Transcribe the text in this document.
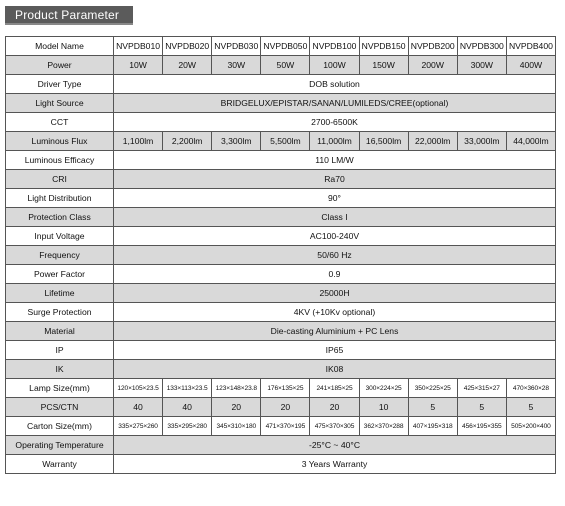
Product Parameter
Model Name	NVPDB010	NVPDB020	NVPDB030	NVPDB050	NVPDB100	NVPDB150	NVPDB200	NVPDB300	NVPDB400
Power	10W	20W	30W	50W	100W	150W	200W	300W	400W
Driver Type	DOB solution								
Light Source	BRIDGELUX/EPISTAR/SANAN/LUMILEDS/CREE(optional)								
CCT	2700-6500K								
Luminous Flux	1,100lm	2,200lm	3,300lm	5,500lm	11,000lm	16,500lm	22,000lm	33,000lm	44,000lm
Luminous Efficacy	110 LM/W								
CRI	Ra70								
Light Distribution	90°								
Protection Class	Class I								
Input Voltage	AC100-240V								
Frequency	50/60 Hz								
Power Factor	0.9								
Lifetime	25000H								
Surge Protection	4KV (+10Kv optional)								
Material	Die-casting Aluminium + PC Lens								
IP	IP65								
IK	IK08								
Lamp Size(mm)	120×105×23.5	133×113×23.5	123×148×23.8	176×135×25	241×185×25	300×224×25	350×225×25	425×315×27	470×360×28
PCS/CTN	40	40	20	20	20	10	5	5	5
Carton Size(mm)	335×275×260	335×295×280	345×310×180	471×370×195	475×370×305	362×370×288	407×195×318	456×195×355	505×200×400
Operating Temperature	-25°C ~ 40°C								
Warranty	3 Years Warranty								
